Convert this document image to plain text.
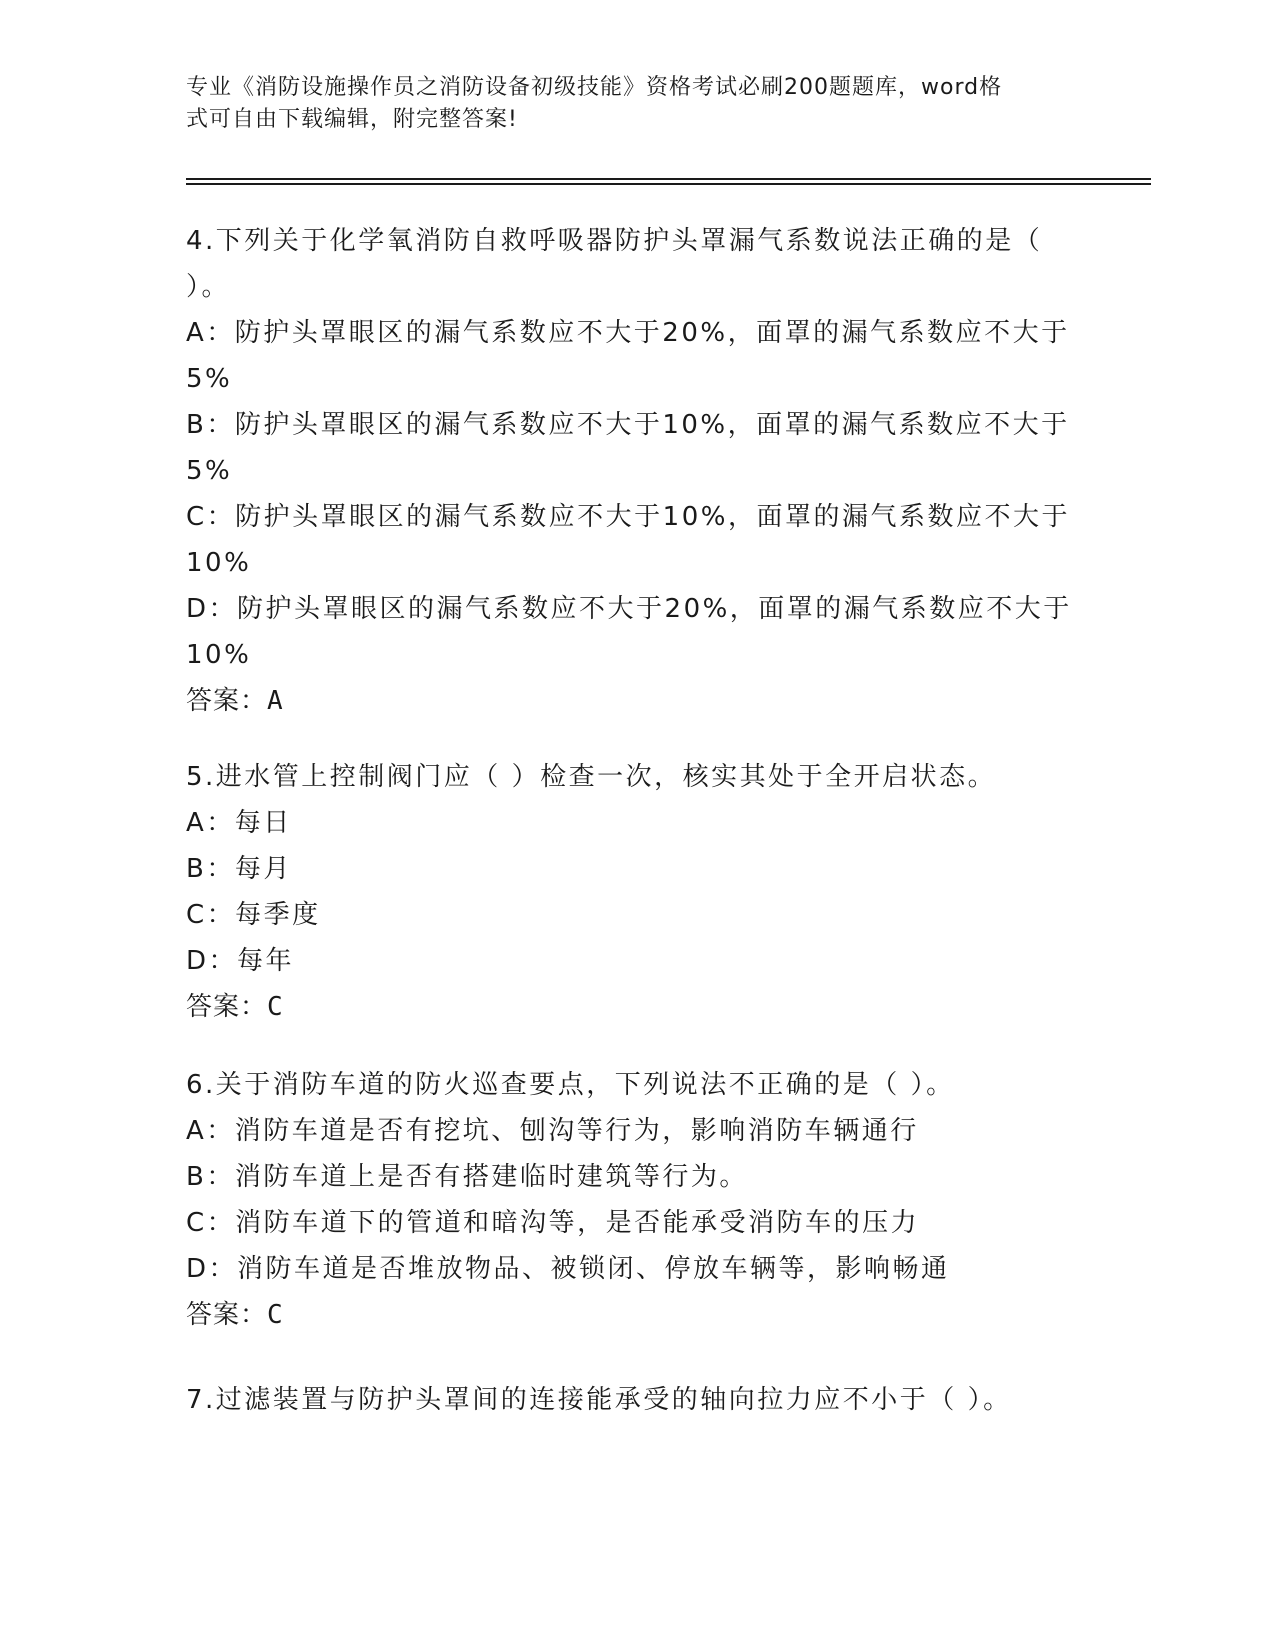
专业《消防设施操作员之消防设备初级技能》资格考试必刷200题题库，word格
式可自由下载编辑，附完整答案!
4.下列关于化学氧消防自救呼吸器防护头罩漏气系数说法正确的是（
）。
A：防护头罩眼区的漏气系数应不大于20%，面罩的漏气系数应不大于
5%
B：防护头罩眼区的漏气系数应不大于10%，面罩的漏气系数应不大于
5%
C：防护头罩眼区的漏气系数应不大于10%，面罩的漏气系数应不大于
10%
D：防护头罩眼区的漏气系数应不大于20%，面罩的漏气系数应不大于
10%
答案：A
5.进水管上控制阀门应（ ）检查一次，核实其处于全开启状态。
A：每日
B：每月
C：每季度
D：每年
答案：C
6.关于消防车道的防火巡查要点，下列说法不正确的是（ ）。
A：消防车道是否有挖坑、刨沟等行为，影响消防车辆通行
B：消防车道上是否有搭建临时建筑等行为。
C：消防车道下的管道和暗沟等，是否能承受消防车的压力
D：消防车道是否堆放物品、被锁闭、停放车辆等，影响畅通
答案：C
7.过滤装置与防护头罩间的连接能承受的轴向拉力应不小于（ ）。
